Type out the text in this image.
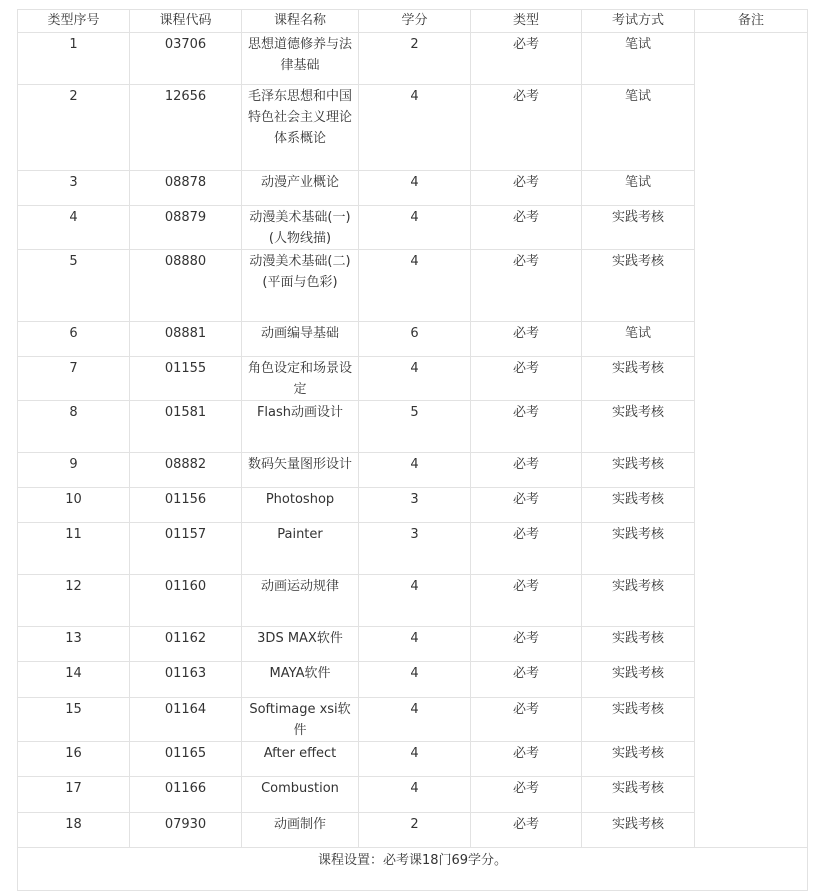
类型序号	课程代码	课程名称	学分	类型	考试方式	备注
1	03706	思想道德修养与法律基础	2	必考	笔试	
2	12656	毛泽东思想和中国特色社会主义理论体系概论	4	必考	笔试	
3	08878	动漫产业概论	4	必考	笔试	
4	08879	动漫美术基础(一)(人物线描)	4	必考	实践考核	
5	08880	动漫美术基础(二)(平面与色彩)	4	必考	实践考核	
6	08881	动画编导基础	6	必考	笔试	
7	01155	角色设定和场景设定	4	必考	实践考核	
8	01581	Flash动画设计	5	必考	实践考核	
9	08882	数码矢量图形设计	4	必考	实践考核	
10	01156	Photoshop	3	必考	实践考核	
11	01157	Painter	3	必考	实践考核	
12	01160	动画运动规律	4	必考	实践考核	
13	01162	3DS MAX软件	4	必考	实践考核	
14	01163	MAYA软件	4	必考	实践考核	
15	01164	Softimage xsi软件	4	必考	实践考核	
16	01165	After effect	4	必考	实践考核	
17	01166	Combustion	4	必考	实践考核	
18	07930	动画制作	2	必考	实践考核	
课程设置：必考课18门69学分。						
